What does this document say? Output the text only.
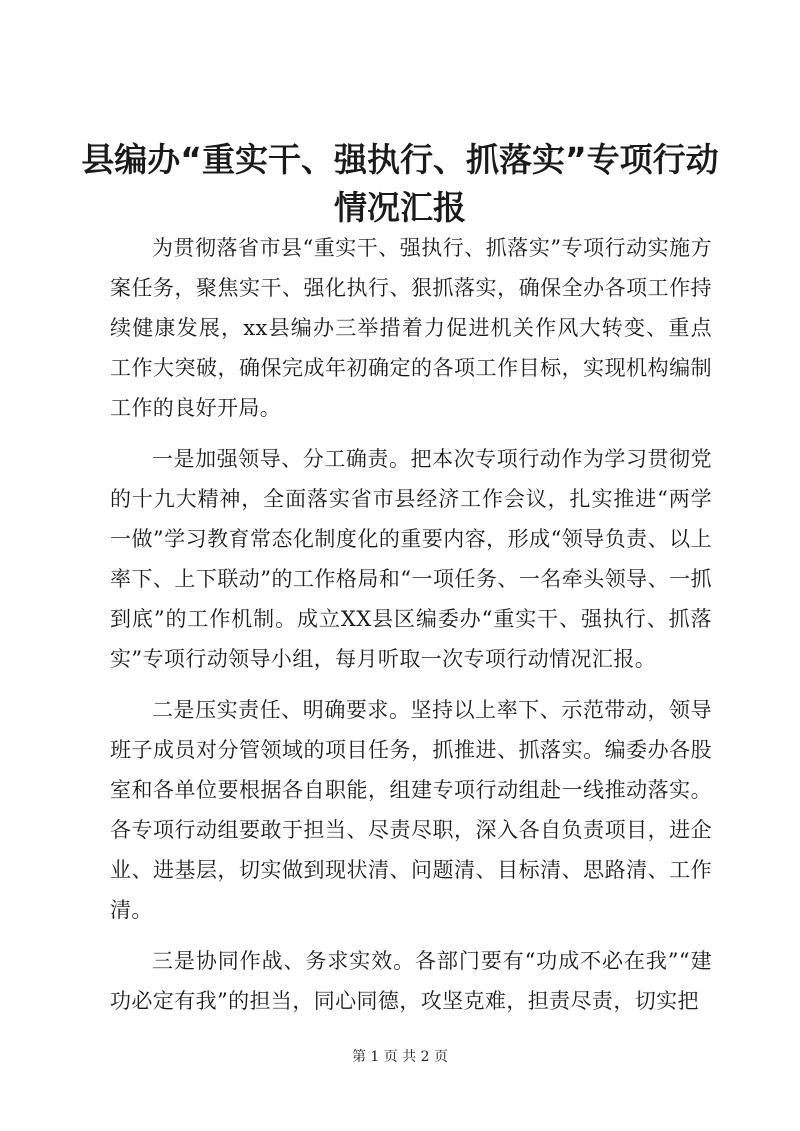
县编办“重实干、强执行、抓落实”专项行动
情况汇报

为贯彻落省市县“重实干、强执行、抓落实”专项行动实施方案任务，聚焦实干、强化执行、狠抓落实，确保全办各项工作持续健康发展，xx县编办三举措着力促进机关作风大转变、重点工作大突破，确保完成年初确定的各项工作目标，实现机构编制工作的良好开局。

一是加强领导、分工确责。把本次专项行动作为学习贯彻党的十九大精神，全面落实省市县经济工作会议，扎实推进“两学一做”学习教育常态化制度化的重要内容，形成“领导负责、以上率下、上下联动”的工作格局和“一项任务、一名牵头领导、一抓到底”的工作机制。成立XX县区编委办“重实干、强执行、抓落实”专项行动领导小组，每月听取一次专项行动情况汇报。

二是压实责任、明确要求。坚持以上率下、示范带动，领导班子成员对分管领域的项目任务，抓推进、抓落实。编委办各股室和各单位要根据各自职能，组建专项行动组赴一线推动落实。各专项行动组要敢于担当、尽责尽职，深入各自负责项目，进企业、进基层，切实做到现状清、问题清、目标清、思路清、工作清。

三是协同作战、务求实效。各部门要有“功成不必在我”“建功必定有我”的担当，同心同德，攻坚克难，担责尽责，切实把

第 1 页 共 2 页
